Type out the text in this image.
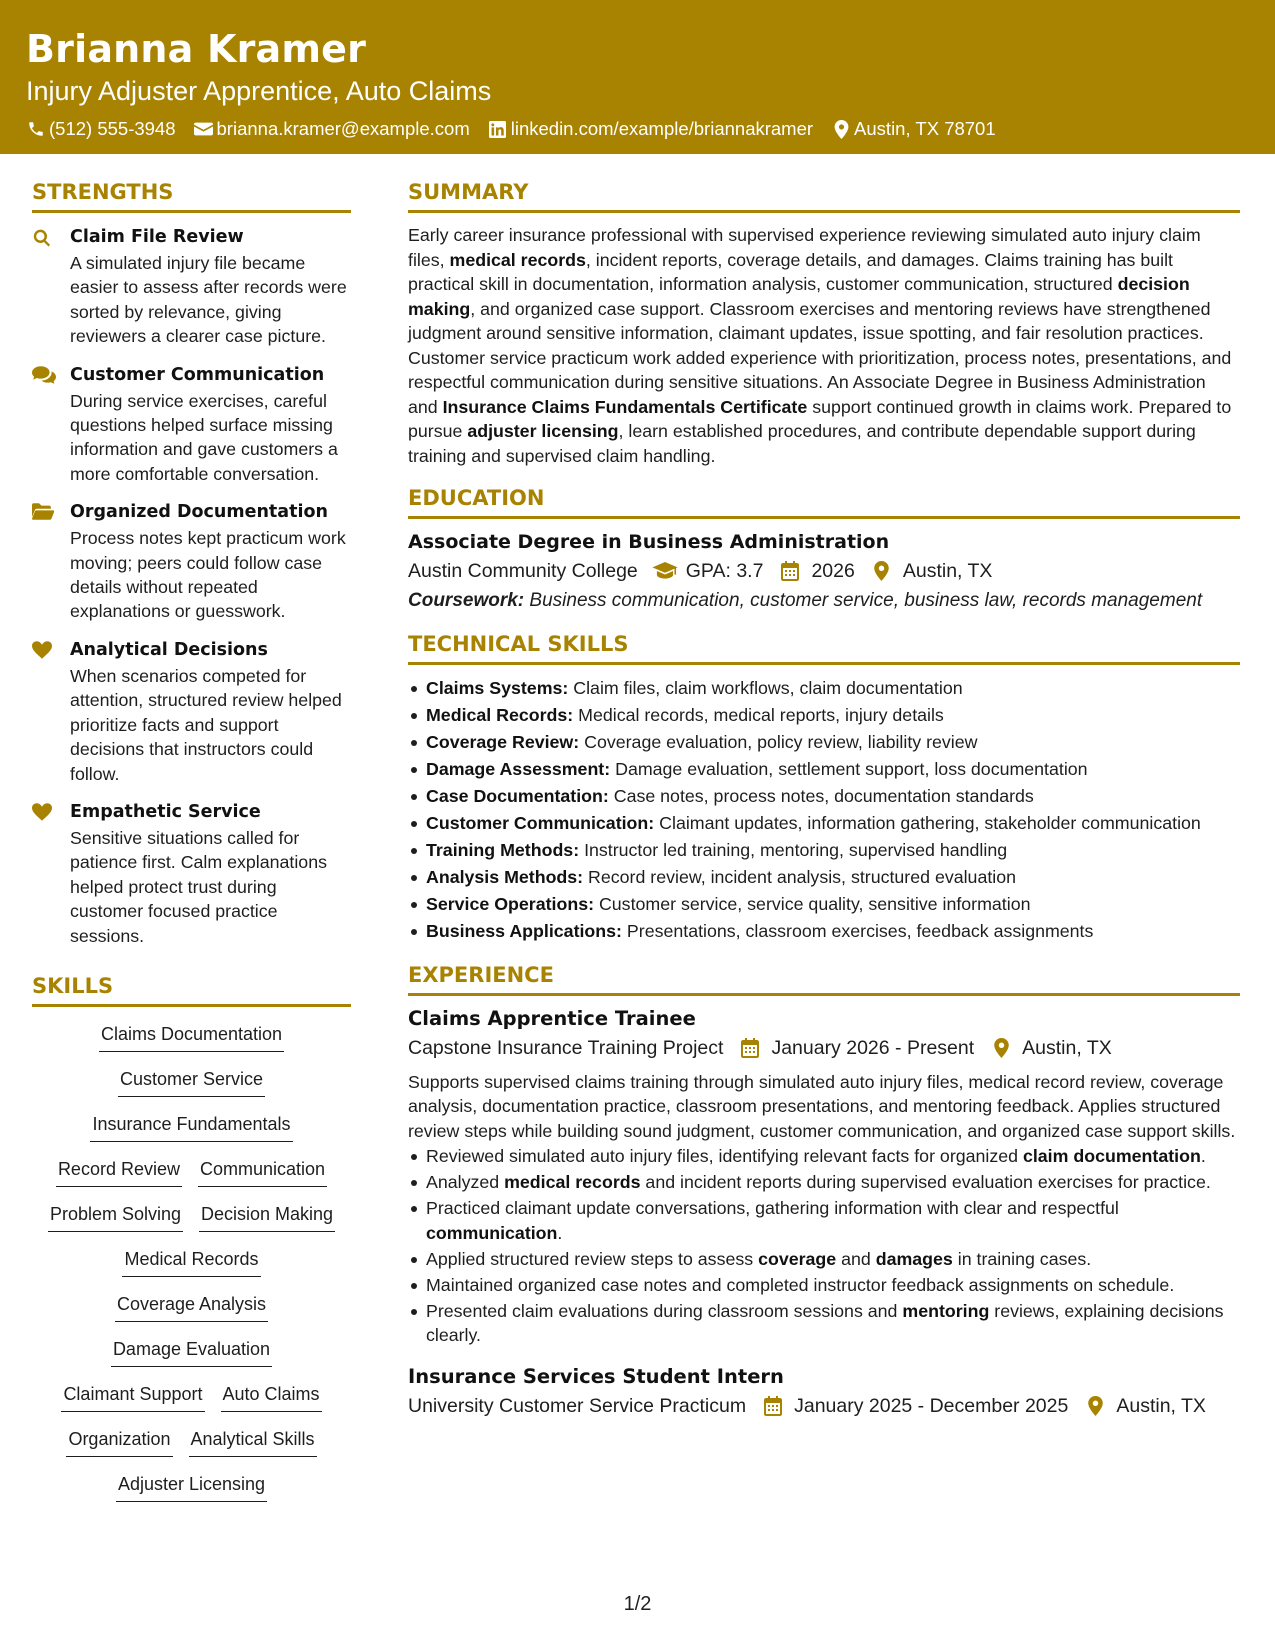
Brianna Kramer
Injury Adjuster Apprentice, Auto Claims
(512) 555-3948 brianna.kramer@example.com linkedin.com/example/briannakramer Austin, TX 78701
STRENGTHS
Claim File Review
A simulated injury file became easier to assess after records were sorted by relevance, giving reviewers a clearer case picture.
Customer Communication
During service exercises, careful questions helped surface missing information and gave customers a more comfortable conversation.
Organized Documentation
Process notes kept practicum work moving; peers could follow case details without repeated explanations or guesswork.
Analytical Decisions
When scenarios competed for attention, structured review helped prioritize facts and support decisions that instructors could follow.
Empathetic Service
Sensitive situations called for patience first. Calm explanations helped protect trust during customer focused practice sessions.
SKILLS
Claims Documentation
Customer Service
Insurance Fundamentals
Record Review Communication
Problem Solving Decision Making
Medical Records
Coverage Analysis
Damage Evaluation
Claimant Support Auto Claims
Organization Analytical Skills
Adjuster Licensing
SUMMARY
Early career insurance professional with supervised experience reviewing simulated auto injury claim files, medical records, incident reports, coverage details, and damages. Claims training has built practical skill in documentation, information analysis, customer communication, structured decision making, and organized case support. Classroom exercises and mentoring reviews have strengthened judgment around sensitive information, claimant updates, issue spotting, and fair resolution practices. Customer service practicum work added experience with prioritization, process notes, presentations, and respectful communication during sensitive situations. An Associate Degree in Business Administration and Insurance Claims Fundamentals Certificate support continued growth in claims work. Prepared to pursue adjuster licensing, learn established procedures, and contribute dependable support during training and supervised claim handling.
EDUCATION
Associate Degree in Business Administration
Austin Community College GPA: 3.7 2026 Austin, TX
Coursework: Business communication, customer service, business law, records management
TECHNICAL SKILLS
Claims Systems: Claim files, claim workflows, claim documentation
Medical Records: Medical records, medical reports, injury details
Coverage Review: Coverage evaluation, policy review, liability review
Damage Assessment: Damage evaluation, settlement support, loss documentation
Case Documentation: Case notes, process notes, documentation standards
Customer Communication: Claimant updates, information gathering, stakeholder communication
Training Methods: Instructor led training, mentoring, supervised handling
Analysis Methods: Record review, incident analysis, structured evaluation
Service Operations: Customer service, service quality, sensitive information
Business Applications: Presentations, classroom exercises, feedback assignments
EXPERIENCE
Claims Apprentice Trainee
Capstone Insurance Training Project January 2026 - Present Austin, TX
Supports supervised claims training through simulated auto injury files, medical record review, coverage analysis, documentation practice, classroom presentations, and mentoring feedback. Applies structured review steps while building sound judgment, customer communication, and organized case support skills.
Reviewed simulated auto injury files, identifying relevant facts for organized claim documentation.
Analyzed medical records and incident reports during supervised evaluation exercises for practice.
Practiced claimant update conversations, gathering information with clear and respectful communication.
Applied structured review steps to assess coverage and damages in training cases.
Maintained organized case notes and completed instructor feedback assignments on schedule.
Presented claim evaluations during classroom sessions and mentoring reviews, explaining decisions clearly.
Insurance Services Student Intern
University Customer Service Practicum January 2025 - December 2025 Austin, TX
1/2
